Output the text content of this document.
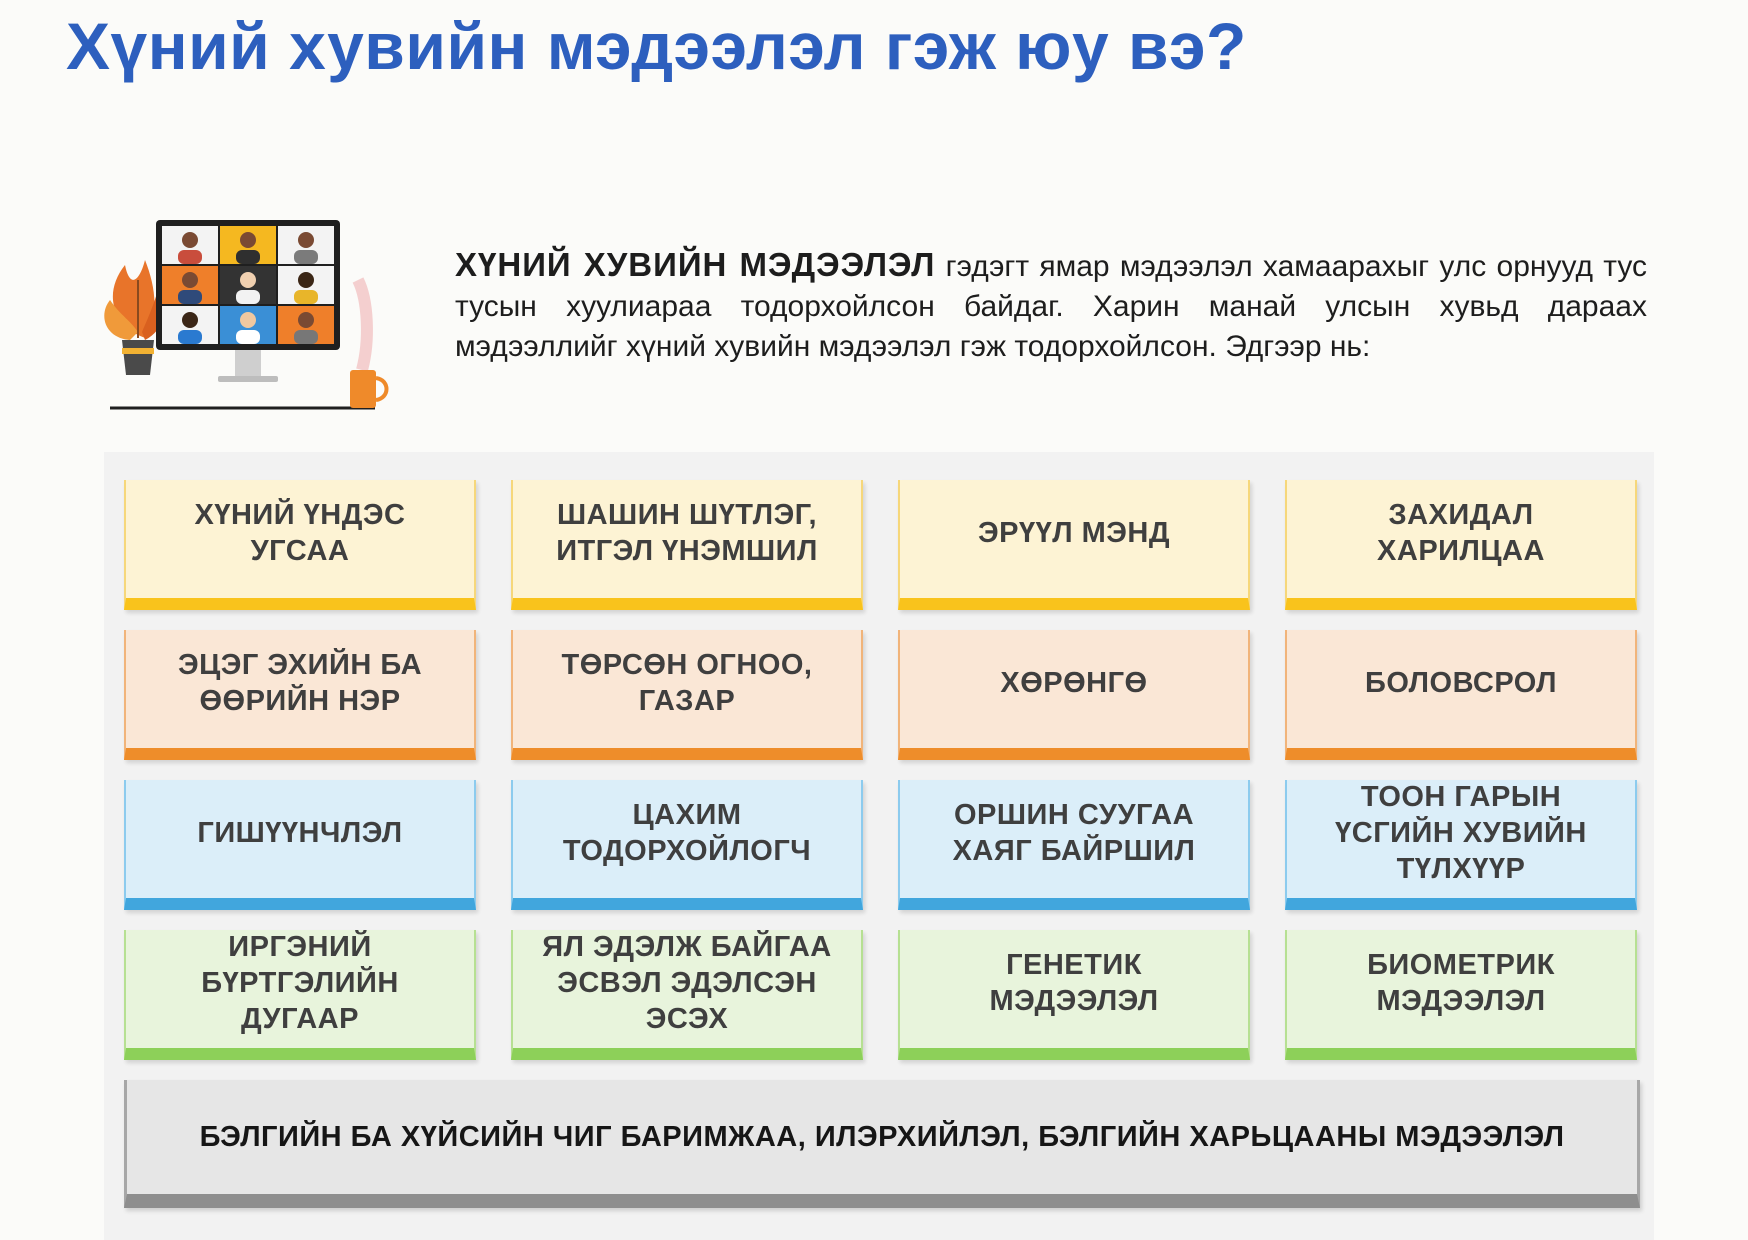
Хүний хувийн мэдээлэл гэж юу вэ?
ХҮНИЙ ХУВИЙН МЭДЭЭЛЭЛ гэдэгт ямар мэдээлэл хамаарахыг улс орнууд тус тусын хуулиараа тодорхойлсон байдаг. Харин манай улсын хувьд дараах мэдээллийг хүний хувийн мэдээлэл гэж тодорхойлсон. Эдгээр нь:
ХҮНИЙ ҮНДЭС УГСАА
ШАШИН ШҮТЛЭГ, ИТГЭЛ ҮНЭМШИЛ
ЭРҮҮЛ МЭНД
ЗАХИДАЛ ХАРИЛЦАА
ЭЦЭГ ЭХИЙН БА ӨӨРИЙН НЭР
ТӨРСӨН ОГНОО, ГАЗАР
ХӨРӨНГӨ	БОЛОВСРОЛ
ГИШҮҮНЧЛЭЛ
ЦАХИМ ТОДОРХОЙЛОГЧ
ОРШИН СУУГАА ХАЯГ БАЙРШИЛ
ТООН ГАРЫН ҮСГИЙН ХУВИЙН ТҮЛХҮҮР
ИРГЭНИЙ БҮРТГЭЛИЙН ДУГААР
ЯЛ ЭДЭЛЖ БАЙГАА ЭСВЭЛ ЭДЭЛСЭН ЭСЭХ
ГЕНЕТИК МЭДЭЭЛЭЛ
БИОМЕТРИК МЭДЭЭЛЭЛ
БЭЛГИЙН БА ХҮЙСИЙН ЧИГ БАРИМЖАА, ИЛЭРХИЙЛЭЛ, БЭЛГИЙН ХАРЬЦААНЫ МЭДЭЭЛЭЛ
